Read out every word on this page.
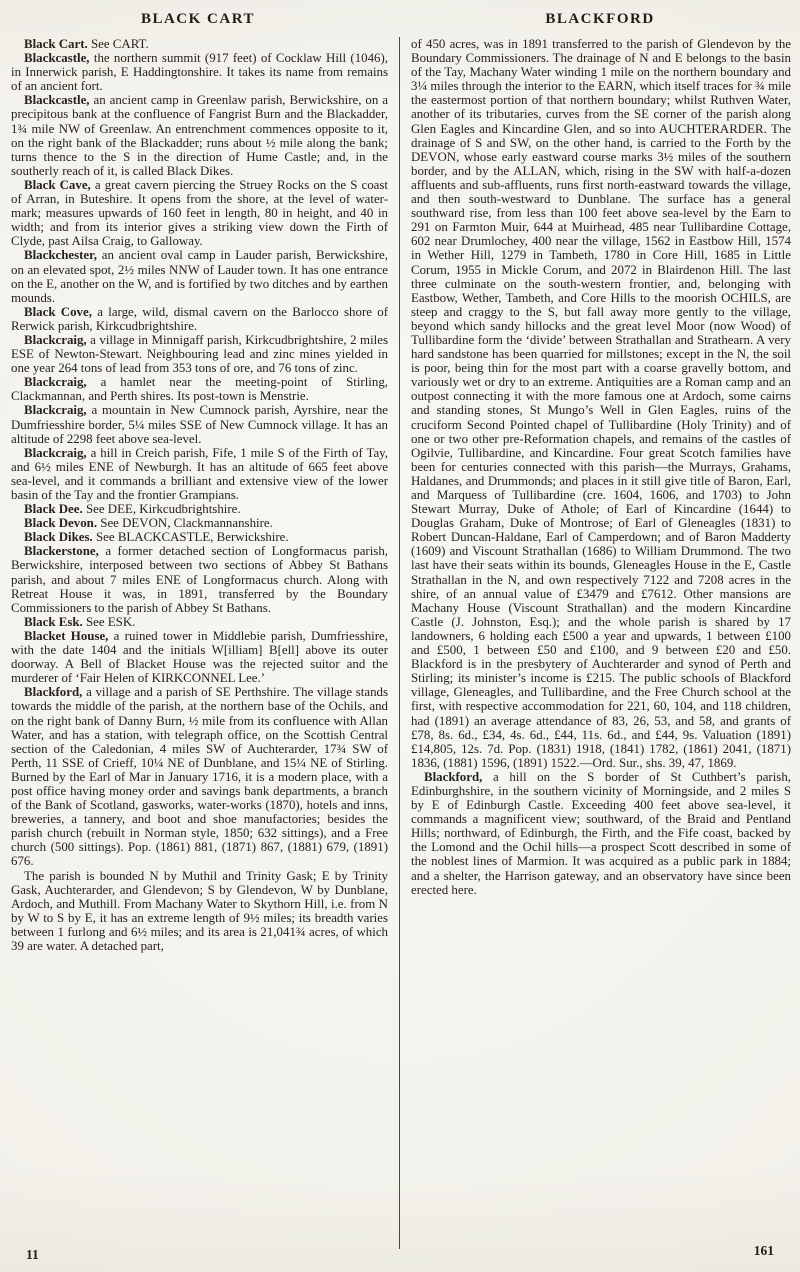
BLACK CART	BLACKFORD

Black Cart. See CART.

Blackcastle, the northern summit (917 feet) of Cocklaw Hill (1046), in Innerwick parish, E Haddingtonshire. It takes its name from remains of an ancient fort.

Blackcastle, an ancient camp in Greenlaw parish, Berwickshire, on a precipitous bank at the confluence of Fangrist Burn and the Blackadder, 1¾ mile NW of Greenlaw. An entrenchment commences opposite to it, on the right bank of the Blackadder; runs about ½ mile along the bank; turns thence to the S in the direction of Hume Castle; and, in the southerly reach of it, is called Black Dikes.

Black Cave, a great cavern piercing the Struey Rocks on the S coast of Arran, in Buteshire. It opens from the shore, at the level of water-mark; measures upwards of 160 feet in length, 80 in height, and 40 in width; and from its interior gives a striking view down the Firth of Clyde, past Ailsa Craig, to Galloway.

Blackchester, an ancient oval camp in Lauder parish, Berwickshire, on an elevated spot, 2½ miles NNW of Lauder town. It has one entrance on the E, another on the W, and is fortified by two ditches and by earthen mounds.

Black Cove, a large, wild, dismal cavern on the Barlocco shore of Rerwick parish, Kirkcudbrightshire.

Blackcraig, a village in Minnigaff parish, Kirkcudbrightshire, 2 miles ESE of Newton-Stewart. Neighbouring lead and zinc mines yielded in one year 264 tons of lead from 353 tons of ore, and 76 tons of zinc.

Blackcraig, a hamlet near the meeting-point of Stirling, Clackmannan, and Perth shires. Its post-town is Menstrie.

Blackcraig, a mountain in New Cumnock parish, Ayrshire, near the Dumfriesshire border, 5¼ miles SSE of New Cumnock village. It has an altitude of 2298 feet above sea-level.

Blackcraig, a hill in Creich parish, Fife, 1 mile S of the Firth of Tay, and 6½ miles ENE of Newburgh. It has an altitude of 665 feet above sea-level, and it commands a brilliant and extensive view of the lower basin of the Tay and the frontier Grampians.

Black Dee. See DEE, Kirkcudbrightshire.

Black Devon. See DEVON, Clackmannanshire.

Black Dikes. See BLACKCASTLE, Berwickshire.

Blackerstone, a former detached section of Longformacus parish, Berwickshire, interposed between two sections of Abbey St Bathans parish, and about 7 miles ENE of Longformacus church. Along with Retreat House it was, in 1891, transferred by the Boundary Commissioners to the parish of Abbey St Bathans.

Black Esk. See ESK.

Blacket House, a ruined tower in Middlebie parish, Dumfriesshire, with the date 1404 and the initials W[illiam] B[ell] above its outer doorway. A Bell of Blacket House was the rejected suitor and the murderer of ‘Fair Helen of KIRKCONNEL Lee.’

Blackford, a village and a parish of SE Perthshire. The village stands towards the middle of the parish, at the northern base of the Ochils, and on the right bank of Danny Burn, ½ mile from its confluence with Allan Water, and has a station, with telegraph office, on the Scottish Central section of the Caledonian, 4 miles SW of Auchterarder, 17¾ SW of Perth, 11 SSE of Crieff, 10¼ NE of Dunblane, and 15¼ NE of Stirling. Burned by the Earl of Mar in January 1716, it is a modern place, with a post office having money order and savings bank departments, a branch of the Bank of Scotland, gasworks, water-works (1870), hotels and inns, breweries, a tannery, and boot and shoe manufactories; besides the parish church (rebuilt in Norman style, 1850; 632 sittings), and a Free church (500 sittings). Pop. (1861) 881, (1871) 867, (1881) 679, (1891) 676.

The parish is bounded N by Muthil and Trinity Gask; E by Trinity Gask, Auchterarder, and Glendevon; S by Glendevon, W by Dunblane, Ardoch, and Muthill. From Machany Water to Skythorn Hill, i.e. from N by W to S by E, it has an extreme length of 9½ miles; its breadth varies between 1 furlong and 6½ miles; and its area is 21,041¾ acres, of which 39 are water. A detached part,

of 450 acres, was in 1891 transferred to the parish of Glendevon by the Boundary Commissioners. The drainage of N and E belongs to the basin of the Tay, Machany Water winding 1 mile on the northern boundary and 3¼ miles through the interior to the EARN, which itself traces for ¾ mile the eastermost portion of that northern boundary; whilst Ruthven Water, another of its tributaries, curves from the SE corner of the parish along Glen Eagles and Kincardine Glen, and so into AUCHTERARDER. The drainage of S and SW, on the other hand, is carried to the Forth by the DEVON, whose early eastward course marks 3½ miles of the southern border, and by the ALLAN, which, rising in the SW with half-a-dozen affluents and sub-affluents, runs first north-eastward towards the village, and then south-westward to Dunblane. The surface has a general southward rise, from less than 100 feet above sea-level by the Earn to 291 on Farmton Muir, 644 at Muirhead, 485 near Tullibardine Cottage, 602 near Drumlochey, 400 near the village, 1562 in Eastbow Hill, 1574 in Wether Hill, 1279 in Tambeth, 1780 in Core Hill, 1685 in Little Corum, 1955 in Mickle Corum, and 2072 in Blairdenon Hill. The last three culminate on the south-western frontier, and, belonging with Eastbow, Wether, Tambeth, and Core Hills to the moorish OCHILS, are steep and craggy to the S, but fall away more gently to the village, beyond which sandy hillocks and the great level Moor (now Wood) of Tullibardine form the ‘divide’ between Strathallan and Strathearn. A very hard sandstone has been quarried for millstones; except in the N, the soil is poor, being thin for the most part with a coarse gravelly bottom, and variously wet or dry to an extreme. Antiquities are a Roman camp and an outpost connecting it with the more famous one at Ardoch, some cairns and standing stones, St Mungo’s Well in Glen Eagles, ruins of the cruciform Second Pointed chapel of Tullibardine (Holy Trinity) and of one or two other pre-Reformation chapels, and remains of the castles of Ogilvie, Tullibardine, and Kincardine. Four great Scotch families have been for centuries connected with this parish—the Murrays, Grahams, Haldanes, and Drummonds; and places in it still give title of Baron, Earl, and Marquess of Tullibardine (cre. 1604, 1606, and 1703) to John Stewart Murray, Duke of Athole; of Earl of Kincardine (1644) to Douglas Graham, Duke of Montrose; of Earl of Gleneagles (1831) to Robert Duncan-Haldane, Earl of Camperdown; and of Baron Madderty (1609) and Viscount Strathallan (1686) to William Drummond. The two last have their seats within its bounds, Gleneagles House in the E, Castle Strathallan in the N, and own respectively 7122 and 7208 acres in the shire, of an annual value of £3479 and £7612. Other mansions are Machany House (Viscount Strathallan) and the modern Kincardine Castle (J. Johnston, Esq.); and the whole parish is shared by 17 landowners, 6 holding each £500 a year and upwards, 1 between £100 and £500, 1 between £50 and £100, and 9 between £20 and £50. Blackford is in the presbytery of Auchterarder and synod of Perth and Stirling; its minister’s income is £215. The public schools of Blackford village, Gleneagles, and Tullibardine, and the Free Church school at the first, with respective accommodation for 221, 60, 104, and 118 children, had (1891) an average attendance of 83, 26, 53, and 58, and grants of £78, 8s. 6d., £34, 4s. 6d., £44, 11s. 6d., and £44, 9s. Valuation (1891) £14,805, 12s. 7d. Pop. (1831) 1918, (1841) 1782, (1861) 2041, (1871) 1836, (1881) 1596, (1891) 1522.—Ord. Sur., shs. 39, 47, 1869.

Blackford, a hill on the S border of St Cuthbert’s parish, Edinburghshire, in the southern vicinity of Morningside, and 2 miles S by E of Edinburgh Castle. Exceeding 400 feet above sea-level, it commands a magnificent view; southward, of the Braid and Pentland Hills; northward, of Edinburgh, the Firth, and the Fife coast, backed by the Lomond and the Ochil hills—a prospect Scott described in some of the noblest lines of Marmion. It was acquired as a public park in 1884; and a shelter, the Harrison gateway, and an observatory have since been erected here.

11	161
